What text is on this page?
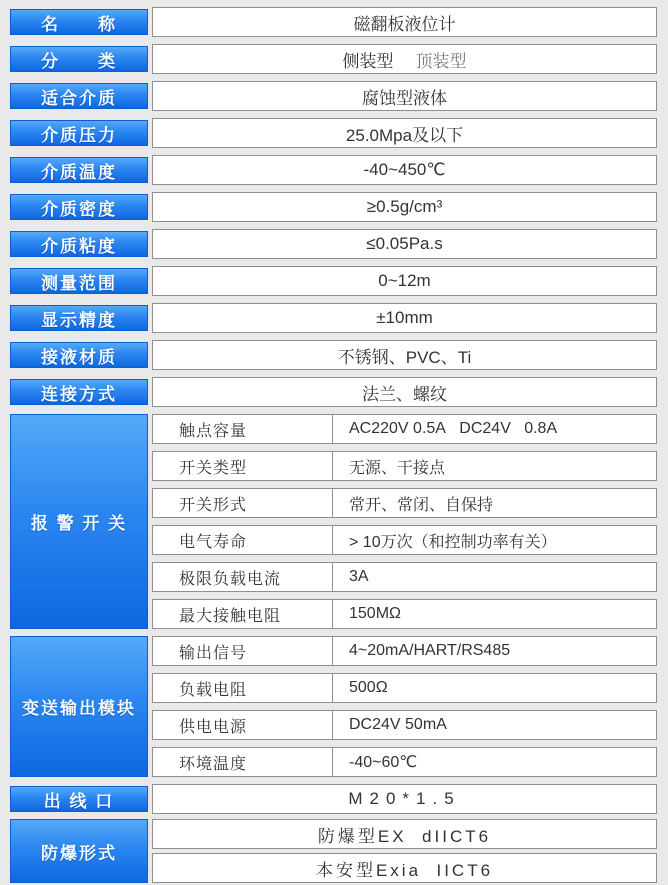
名　　称	磁翻板液位计
分　　类	侧装型 顶装型
适合介质	腐蚀型液体
介质压力	25.0Mpa及以下
介质温度	-40~450℃
介质密度	≥0.5g/cm³
介质粘度	≤0.05Pa.s
测量范围	0~12m
显示精度	±10mm
接液材质	不锈钢、PVC、Ti
连接方式	法兰、螺纹
报 警 开 关
触点容量	AC220V 0.5A   DC24V   0.8A
开关类型	无源、干接点
开关形式	常开、常闭、自保持
电气寿命	> 10万次（和控制功率有关）
极限负载电流	3A
最大接触电阻	150MΩ
变送输出模块
输出信号	4~20mA/HART/RS485
负载电阻	500Ω
供电电源	DC24V 50mA
环境温度	-40~60℃
出 线 口	M20*1.5
防爆形式
防爆型EX  dIICT6
本安型Exia  IICT6
